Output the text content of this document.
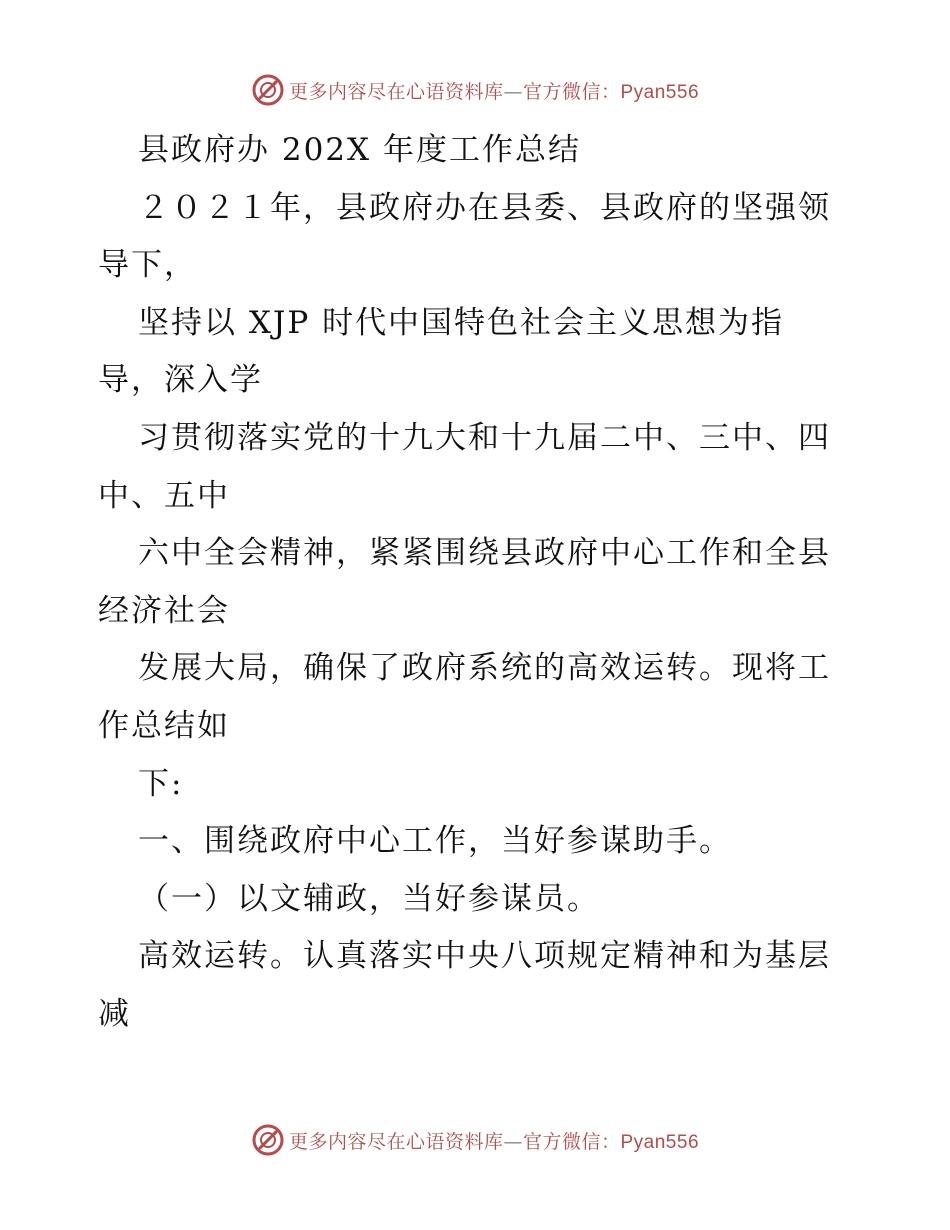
更多内容尽在心语资料库—官方微信：Pyan556
县政府办 202X 年度工作总结
２０２１年，县政府办在县委、县政府的坚强领
导下，
坚持以 XJP 时代中国特色社会主义思想为指
导，深入学
习贯彻落实党的十九大和十九届二中、三中、四
中、五中
六中全会精神，紧紧围绕县政府中心工作和全县
经济社会
发展大局，确保了政府系统的高效运转。现将工
作总结如
下:
一、围绕政府中心工作，当好参谋助手。
（一）以文辅政，当好参谋员。
高效运转。认真落实中央八项规定精神和为基层
减
更多内容尽在心语资料库—官方微信：Pyan556
